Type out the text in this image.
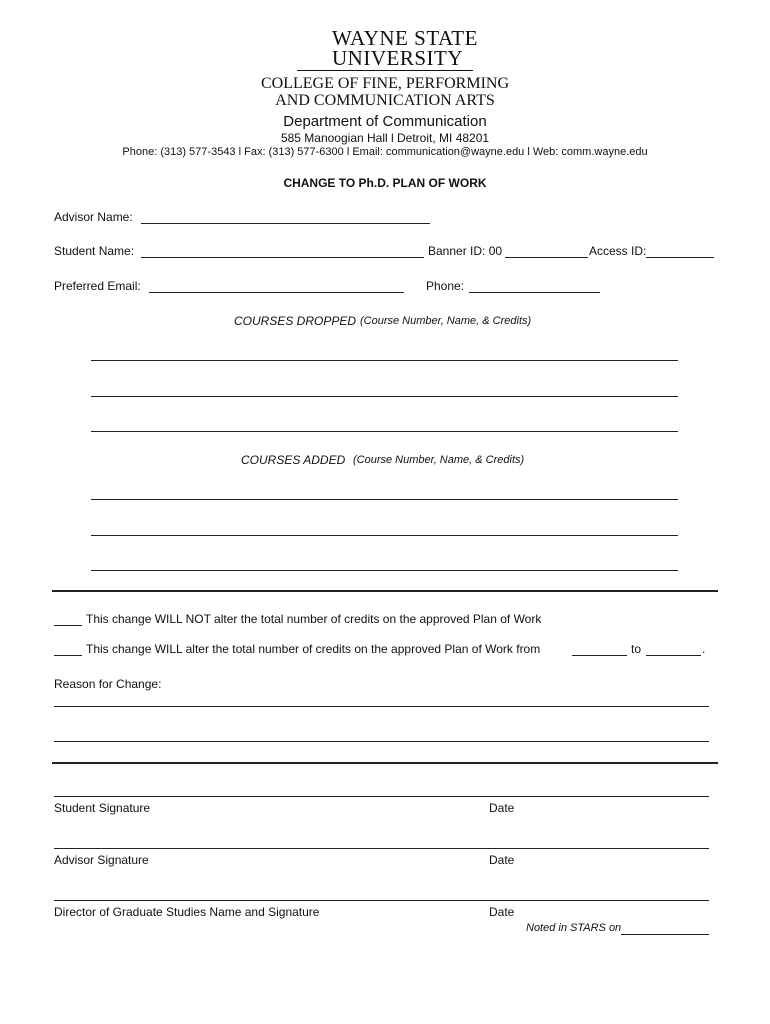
WAYNE STATE
UNIVERSITY
COLLEGE OF FINE, PERFORMING
AND COMMUNICATION ARTS
Department of Communication
585 Manoogian Hall l Detroit, MI 48201
Phone: (313) 577-3543 l Fax: (313) 577-6300 l Email: communication@wayne.edu l Web: comm.wayne.edu
CHANGE TO Ph.D. PLAN OF WORK
Advisor Name:
Student Name:	Banner ID: 00	Access ID:
Preferred Email:	Phone:
COURSES DROPPED (Course Number, Name, & Credits)
COURSES ADDED (Course Number, Name, & Credits)
This change WILL NOT alter the total number of credits on the approved Plan of Work
This change WILL alter the total number of credits on the approved Plan of Work from	to	.
Reason for Change:
Student Signature	Date
Advisor Signature	Date
Director of Graduate Studies Name and Signature	Date
Noted in STARS on
